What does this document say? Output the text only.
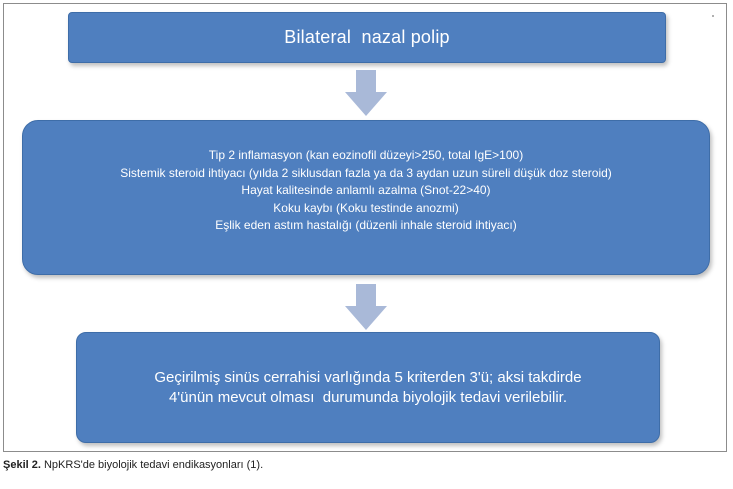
Bilateral  nazal polip
Tip 2 inflamasyon (kan eozinofil düzeyi>250, total IgE>100)
Sistemik steroid ihtiyacı (yılda 2 siklusdan fazla ya da 3 aydan uzun süreli düşük doz steroid)
Hayat kalitesinde anlamlı azalma (Snot-22>40)
Koku kaybı (Koku testinde anozmi)
Eşlik eden astım hastalığı (düzenli inhale steroid ihtiyacı)
Geçirilmiş sinüs cerrahisi varlığında 5 kriterden 3'ü; aksi takdirde 4'ünün mevcut olması  durumunda biyolojik tedavi verilebilir.
Şekil 2. NpKRS'de biyolojik tedavi endikasyonları (1).
